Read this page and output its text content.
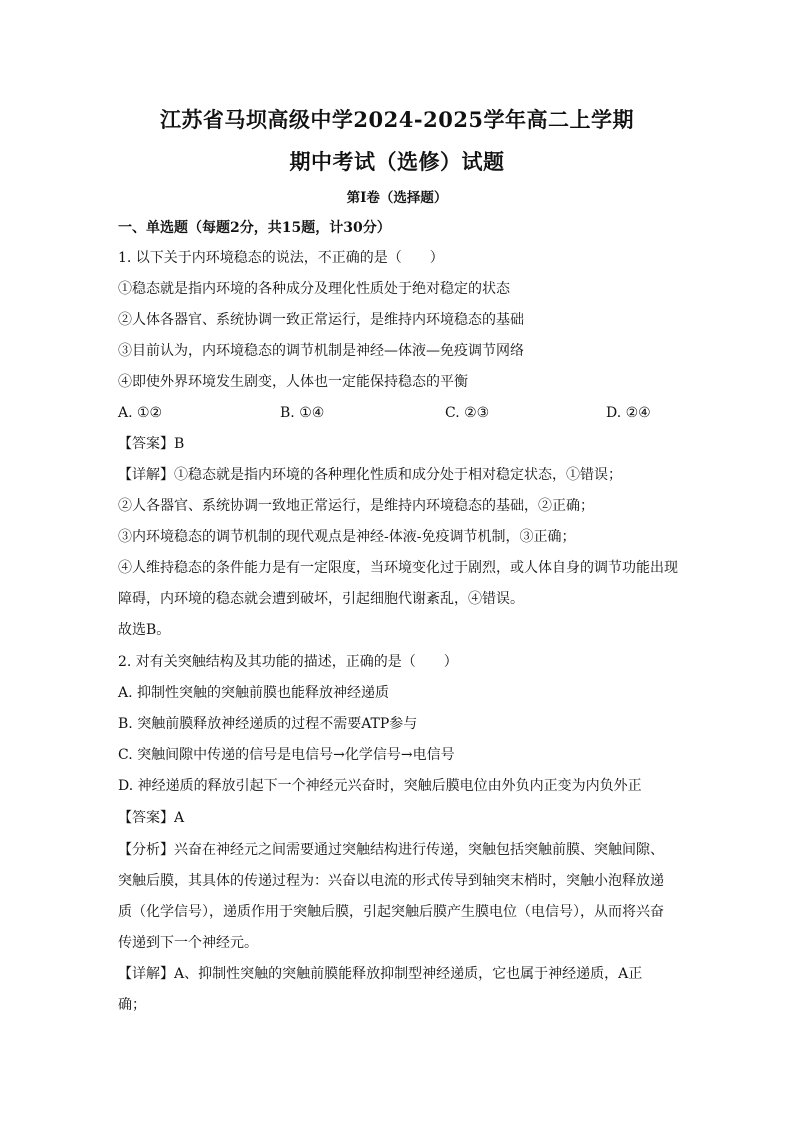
江苏省马坝高级中学2024-2025学年高二上学期
期中考试（选修）试题
第I卷（选择题）
一、单选题（每题2分，共15题，计30分）
1. 以下关于内环境稳态的说法，不正确的是（　　）
①稳态就是指内环境的各种成分及理化性质处于绝对稳定的状态
②人体各器官、系统协调一致正常运行，是维持内环境稳态的基础
③目前认为，内环境稳态的调节机制是神经—体液—免疫调节网络
④即使外界环境发生剧变，人体也一定能保持稳态的平衡
A. ①②	B. ①④	C. ②③	D. ②④
【答案】B
【详解】①稳态就是指内环境的各种理化性质和成分处于相对稳定状态，①错误；
②人各器官、系统协调一致地正常运行，是维持内环境稳态的基础，②正确；
③内环境稳态的调节机制的现代观点是神经-体液-免疫调节机制，③正确；
④人维持稳态的条件能力是有一定限度，当环境变化过于剧烈，或人体自身的调节功能出现
障碍，内环境的稳态就会遭到破坏，引起细胞代谢紊乱，④错误。
故选B。
2. 对有关突触结构及其功能的描述，正确的是（　　）
A. 抑制性突触的突触前膜也能释放神经递质
B. 突触前膜释放神经递质的过程不需要ATP参与
C. 突触间隙中传递的信号是电信号→化学信号→电信号
D. 神经递质的释放引起下一个神经元兴奋时，突触后膜电位由外负内正变为内负外正
【答案】A
【分析】兴奋在神经元之间需要通过突触结构进行传递，突触包括突触前膜、突触间隙、
突触后膜，其具体的传递过程为：兴奋以电流的形式传导到轴突末梢时，突触小泡释放递
质（化学信号），递质作用于突触后膜，引起突触后膜产生膜电位（电信号），从而将兴奋
传递到下一个神经元。
【详解】A、抑制性突触的突触前膜能释放抑制型神经递质，它也属于神经递质，A正
确；
